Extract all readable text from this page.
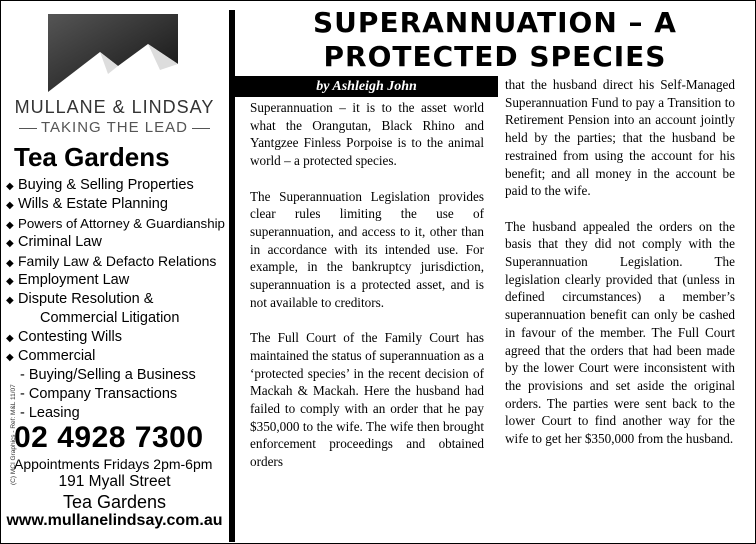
MULLANE & LINDSAY
TAKING THE LEAD
Tea Gardens
◆ Buying & Selling Properties
◆ Wills & Estate Planning
◆ Powers of Attorney & Guardianship
◆ Criminal Law
◆ Family Law & Defacto Relations
◆ Employment Law
◆ Dispute Resolution &
Commercial Litigation
◆ Contesting Wills
◆ Commercial
- Buying/Selling a Business
- Company Transactions
- Leasing
(C) MCI Graphics - Ref: M&L 11/07
02 4928 7300
Appointments Fridays 2pm-6pm
191 Myall Street
Tea Gardens
www.mullanelindsay.com.au
SUPERANNUATION – A
PROTECTED SPECIES
by Ashleigh John

Superannuation – it is to the asset world what the Orangutan, Black Rhino and Yantgzee Finless Porpoise is to the animal world – a protected species.

The Superannuation Legislation provides clear rules limiting the use of superannuation, and access to it, other than in accordance with its intended use. For example, in the bankruptcy jurisdiction, superannuation is a protected asset, and is not available to creditors.

The Full Court of the Family Court has maintained the status of superannuation as a ‘protected species’ in the recent decision of Mackah & Mackah. Here the husband had failed to comply with an order that he pay $350,000 to the wife. The wife then brought enforcement proceedings and obtained orders

that the husband direct his Self-Managed Superannuation Fund to pay a Transition to Retirement Pension into an account jointly held by the parties; that the husband be restrained from using the account for his benefit; and all money in the account be paid to the wife.

The husband appealed the orders on the basis that they did not comply with the Superannuation Legislation. The legislation clearly provided that (unless in defined circumstances) a member’s superannuation benefit can only be cashed in favour of the member. The Full Court agreed that the orders that had been made by the lower Court were inconsistent with the provisions and set aside the original orders. The parties were sent back to the lower Court to find another way for the wife to get her $350,000 from the husband.
